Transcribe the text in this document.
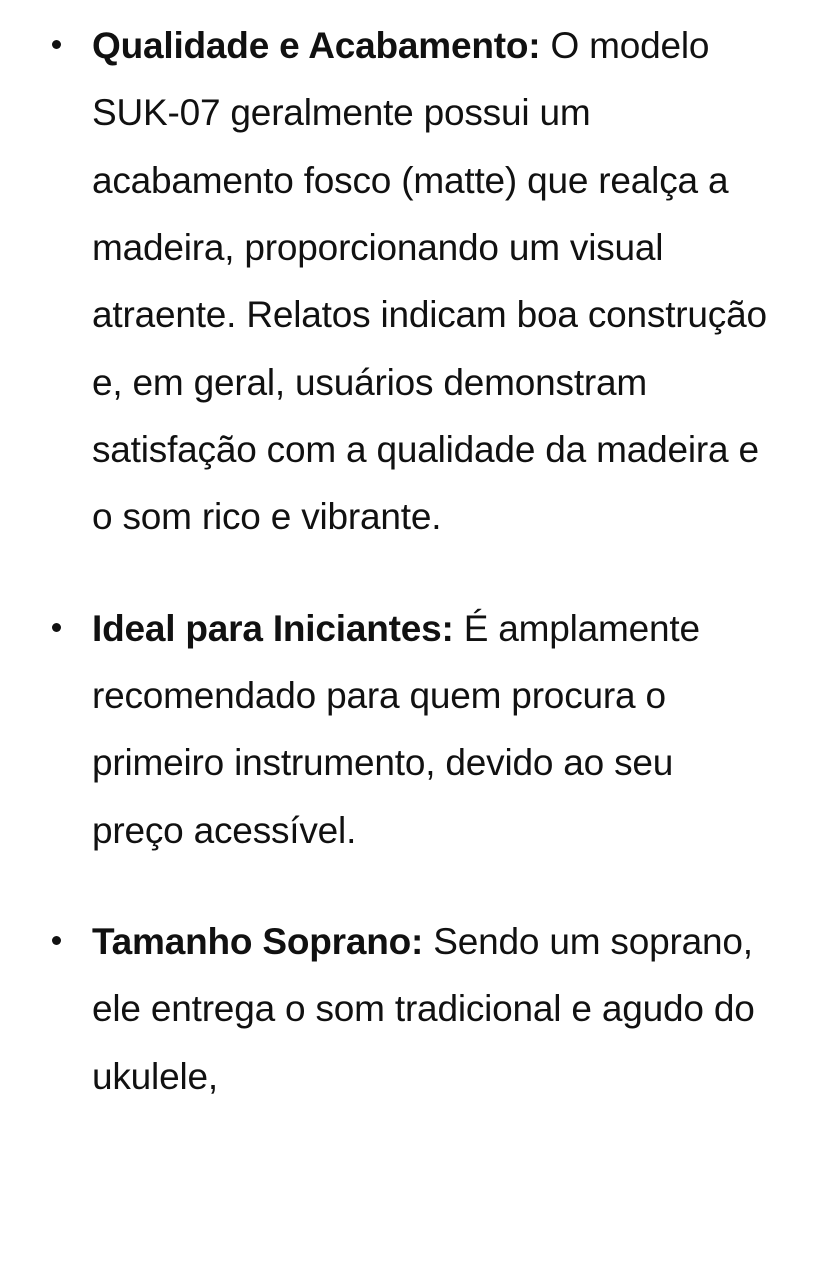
Qualidade e Acabamento: O modelo SUK-07 geralmente possui um acabamento fosco (matte) que realça a madeira, proporcionando um visual atraente. Relatos indicam boa construção e, em geral, usuários demonstram satisfação com a qualidade da madeira e o som rico e vibrante.
Ideal para Iniciantes: É amplamente recomendado para quem procura o primeiro instrumento, devido ao seu preço acessível.
Tamanho Soprano: Sendo um soprano, ele entrega o som tradicional e agudo do ukulele,
